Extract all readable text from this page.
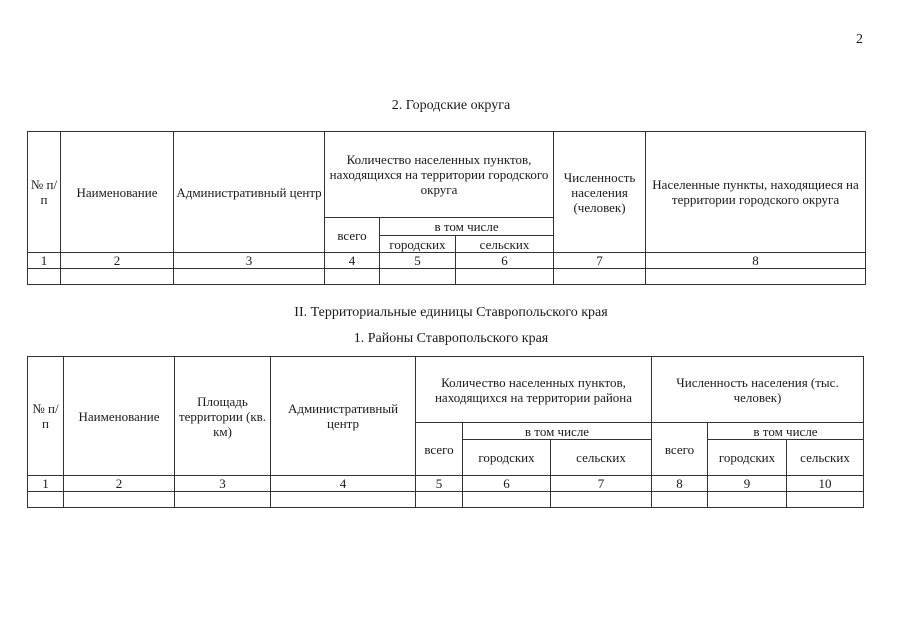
2
2. Городские округа
№ п/п	Наименование	Административный центр	Количество населенных пунктов, находящихся на территории городского округа			Численность населения (человек)	Населенные пункты, находящиеся на территории городского округа
			всего	в том числе			
				городских	сельских		
1	2	3	4	5	6	7	8

II. Территориальные единицы Ставропольского края
1. Районы Ставропольского края
№ п/п	Наименование	Площадь территории (кв. км)	Административный центр	Количество населенных пунктов, находящихся на территории района			Численность населения (тыс. человек)		
				всего	в том числе		всего	в том числе	
					городских	сельских		городских	сельских
1	2	3	4	5	6	7	8	9	10
